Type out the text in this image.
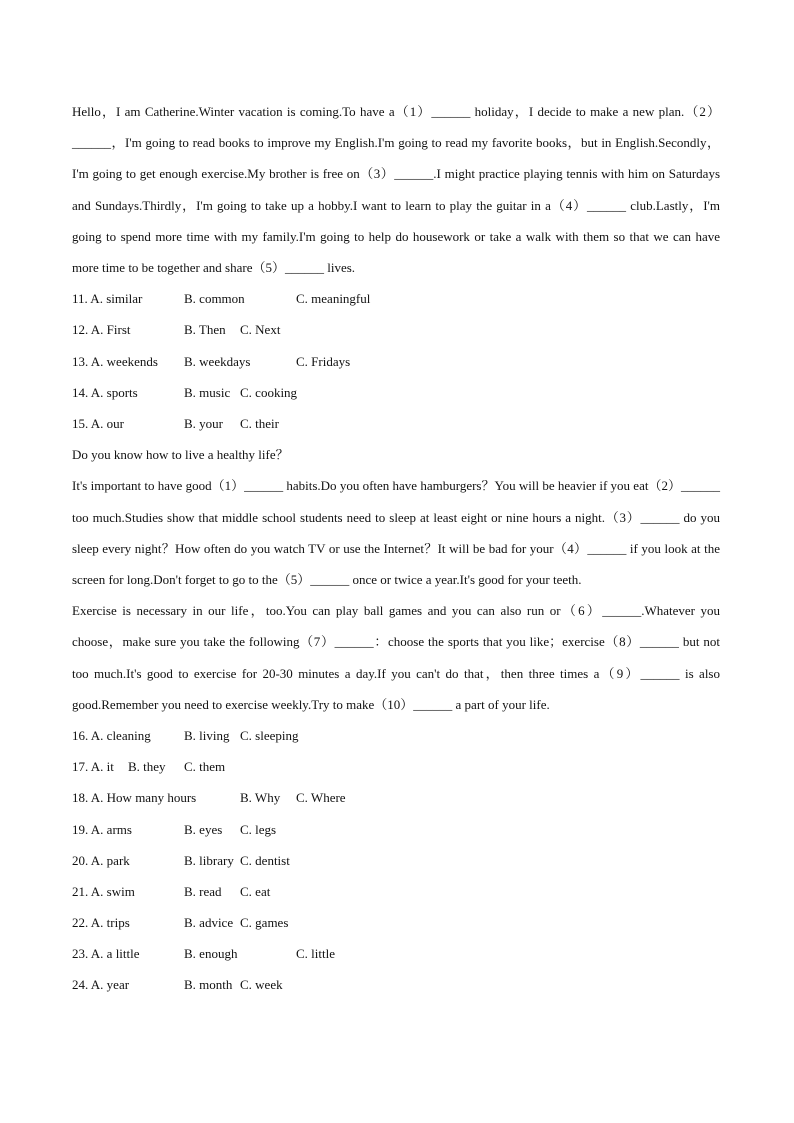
Hello，I am Catherine.Winter vacation is coming.To have a（1）______ holiday，I decide to make a new plan.（2）______，I'm going to read books to improve my English.I'm going to read my favorite books，but in English.Secondly，I'm going to get enough exercise.My brother is free on（3）______.I might practice playing tennis with him on Saturdays and Sundays.Thirdly，I'm going to take up a hobby.I want to learn to play the guitar in a（4）______ club.Lastly，I'm going to spend more time with my family.I'm going to help do housework or take a walk with them so that we can have more time to be together and share（5）______ lives.

11. A. similar	B. common	C. meaningful
12. A. First	B. Then C. Next
13. A. weekends B. weekdays	C. Fridays
14. A. sports	B. music C. cooking
15. A. our	B. your C. their

Do you know how to live a healthy life？

It's important to have good（1）______ habits.Do you often have hamburgers？You will be heavier if you eat（2）______ too much.Studies show that middle school students need to sleep at least eight or nine hours a night.（3）______ do you sleep every night？How often do you watch TV or use the Internet？It will be bad for your（4）______ if you look at the screen for long.Don't forget to go to the（5）______ once or twice a year.It's good for your teeth.

Exercise is necessary in our life，too.You can play ball games and you can also run or（6）______.Whatever you choose，make sure you take the following（7）______：choose the sports that you like；exercise（8）______ but not too much.It's good to exercise for 20-30 minutes a day.If you can't do that，then three times a（9）______ is also good.Remember you need to exercise weekly.Try to make（10）______ a part of your life.

16. A. cleaning	B. living C. sleeping
17. A. it B. they C. them
18. A. How many hours	B. Why C. Where
19. A. arms	B. eyes C. legs
20. A. park	B. library C. dentist
21. A. swim	B. read C. eat
22. A. trips	B. advice C. games
23. A. a little	B. enough	C. little
24. A. year	B. month C. week
